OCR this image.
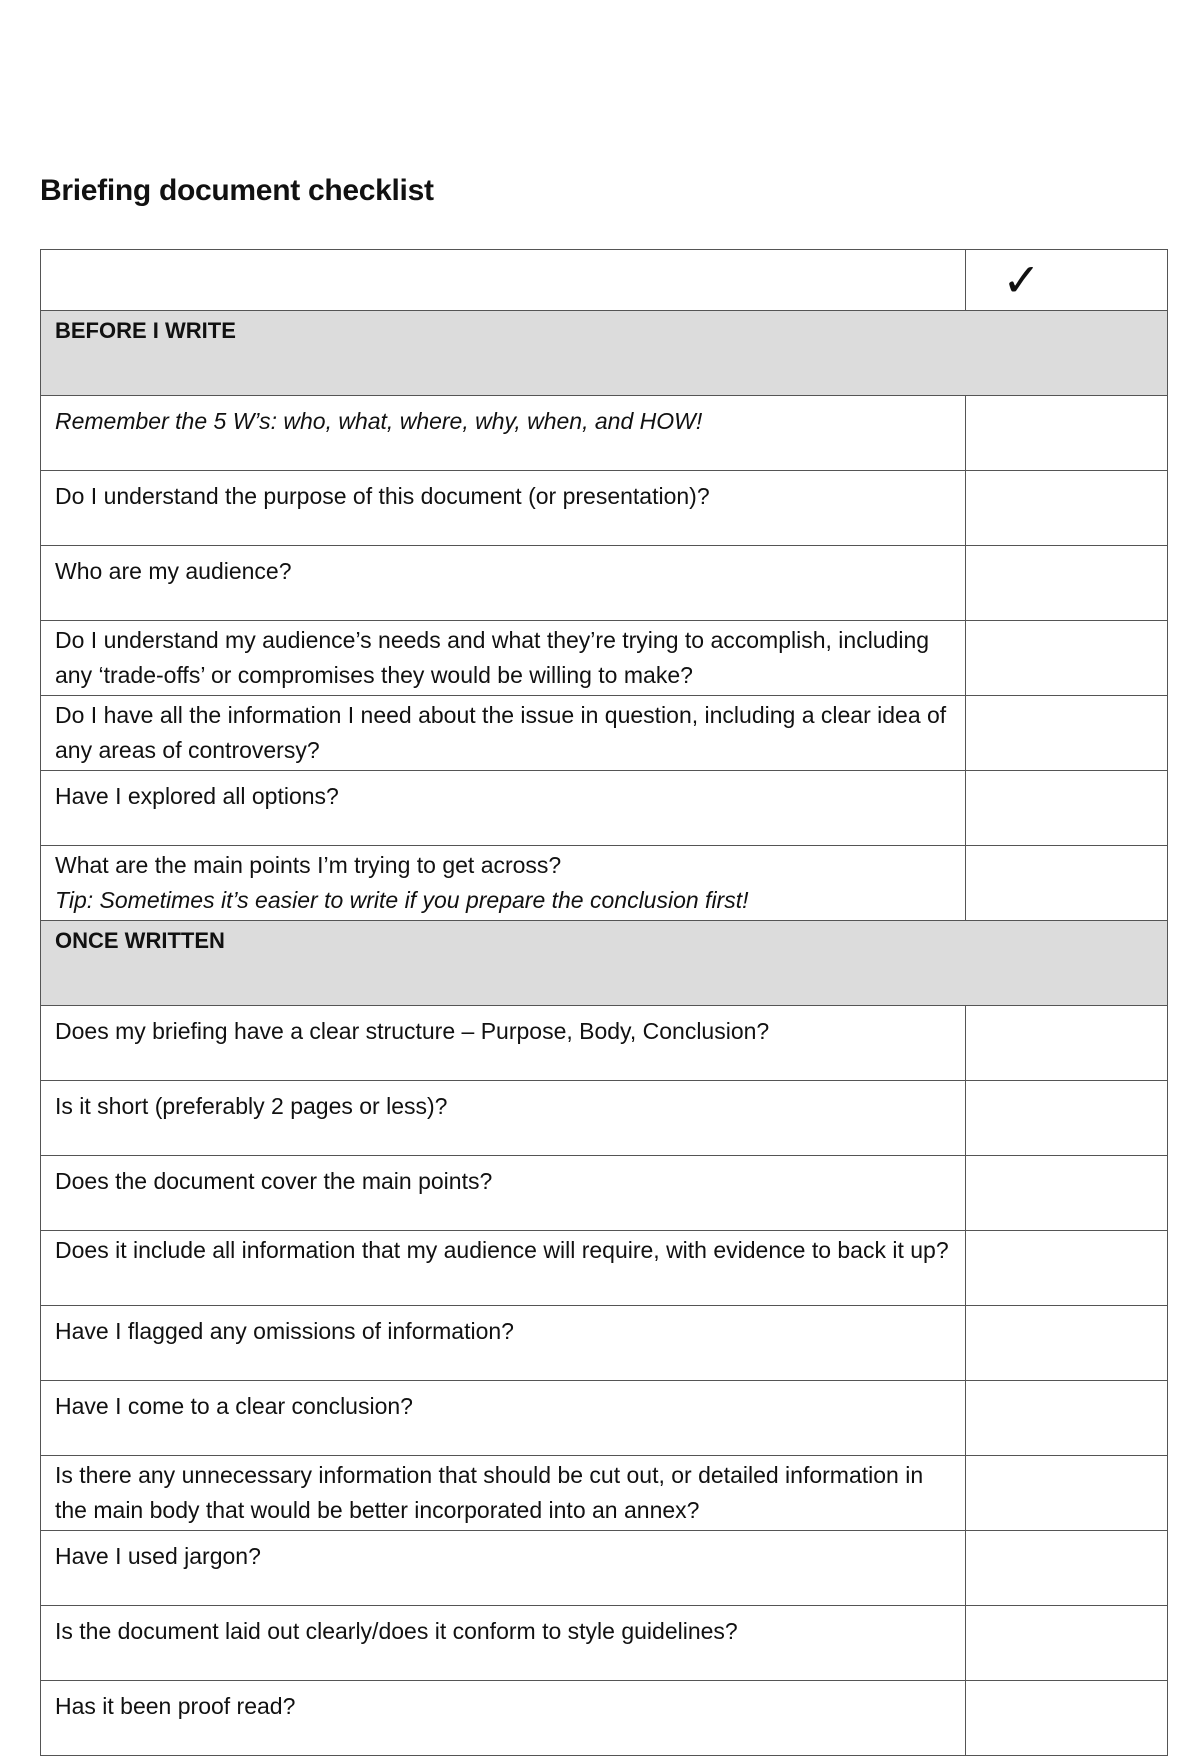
Briefing document checklist
	✓
BEFORE I WRITE	
Remember the 5 W’s: who, what, where, why, when, and HOW!	
Do I understand the purpose of this document (or presentation)?	
Who are my audience?	
Do I understand my audience’s needs and what they’re trying to accomplish, including any ‘trade-offs’ or compromises they would be willing to make?	
Do I have all the information I need about the issue in question, including a clear idea of any areas of controversy?	
Have I explored all options?	
What are the main points I’m trying to get across?
Tip: Sometimes it’s easier to write if you prepare the conclusion first!	
ONCE WRITTEN	
Does my briefing have a clear structure – Purpose, Body, Conclusion?	
Is it short (preferably 2 pages or less)?	
Does the document cover the main points?	
Does it include all information that my audience will require, with evidence to back it up?	
Have I flagged any omissions of information?	
Have I come to a clear conclusion?	
Is there any unnecessary information that should be cut out, or detailed information in the main body that would be better incorporated into an annex?	
Have I used jargon?	
Is the document laid out clearly/does it conform to style guidelines?	
Has it been proof read?	
